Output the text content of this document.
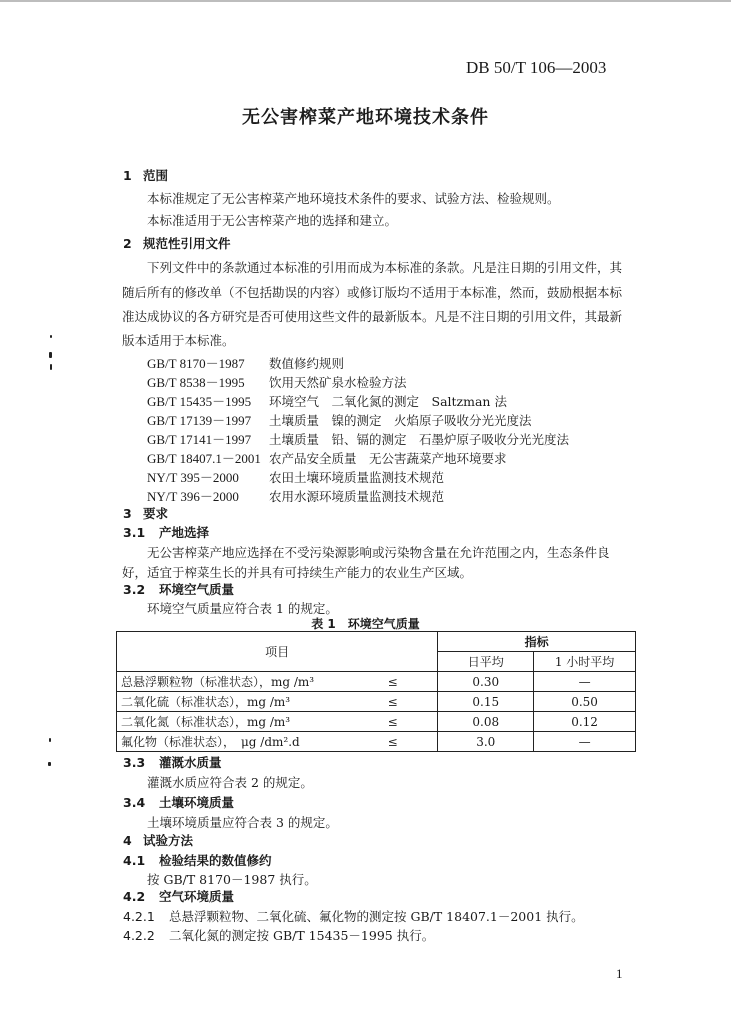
DB 50/T 106—2003
无公害榨菜产地环境技术条件
1 范围
本标准规定了无公害榨菜产地环境技术条件的要求、试验方法、检验规则。
本标准适用于无公害榨菜产地的选择和建立。
2 规范性引用文件
下列文件中的条款通过本标准的引用而成为本标准的条款。凡是注日期的引用文件，其
随后所有的修改单（不包括勘误的内容）或修订版均不适用于本标准，然而，鼓励根据本标
准达成协议的各方研究是否可使用这些文件的最新版本。凡是不注日期的引用文件，其最新
版本适用于本标准。
GB/T 8170－1987 数值修约规则
GB/T 8538－1995 饮用天然矿泉水检验方法
GB/T 15435－1995 环境空气　二氧化氮的测定　Saltzman 法
GB/T 17139－1997 土壤质量　镍的测定　火焰原子吸收分光光度法
GB/T 17141－1997 土壤质量　铅、镉的测定　石墨炉原子吸收分光光度法
GB/T 18407.1－2001 农产品安全质量　无公害蔬菜产地环境要求
NY/T 395－2000 农田土壤环境质量监测技术规范
NY/T 396－2000 农用水源环境质量监测技术规范
3 要求
3.1 产地选择
无公害榨菜产地应选择在不受污染源影响或污染物含量在允许范围之内，生态条件良
好，适宜于榨菜生长的并具有可持续生产能力的农业生产区域。
3.2 环境空气质量
环境空气质量应符合表 1 的规定。
表 1　环境空气质量
项目		指标	
		日平均	1 小时平均
总悬浮颗粒物（标准状态），mg /m³	≤	0.30	—
二氧化硫（标准状态），mg /m³	≤	0.15	0.50
二氧化氮（标准状态），mg /m³	≤	0.08	0.12
氟化物（标准状态），　μg /dm².d	≤	3.0	—
3.3 灌溉水质量
灌溉水质应符合表 2 的规定。
3.4 土壤环境质量
土壤环境质量应符合表 3 的规定。
4 试验方法
4.1 检验结果的数值修约
按 GB/T 8170－1987 执行。
4.2 空气环境质量
4.2.1 总悬浮颗粒物、二氧化硫、氟化物的测定按 GB/T 18407.1－2001 执行。
4.2.2 二氧化氮的测定按 GB/T 15435－1995 执行。
1
